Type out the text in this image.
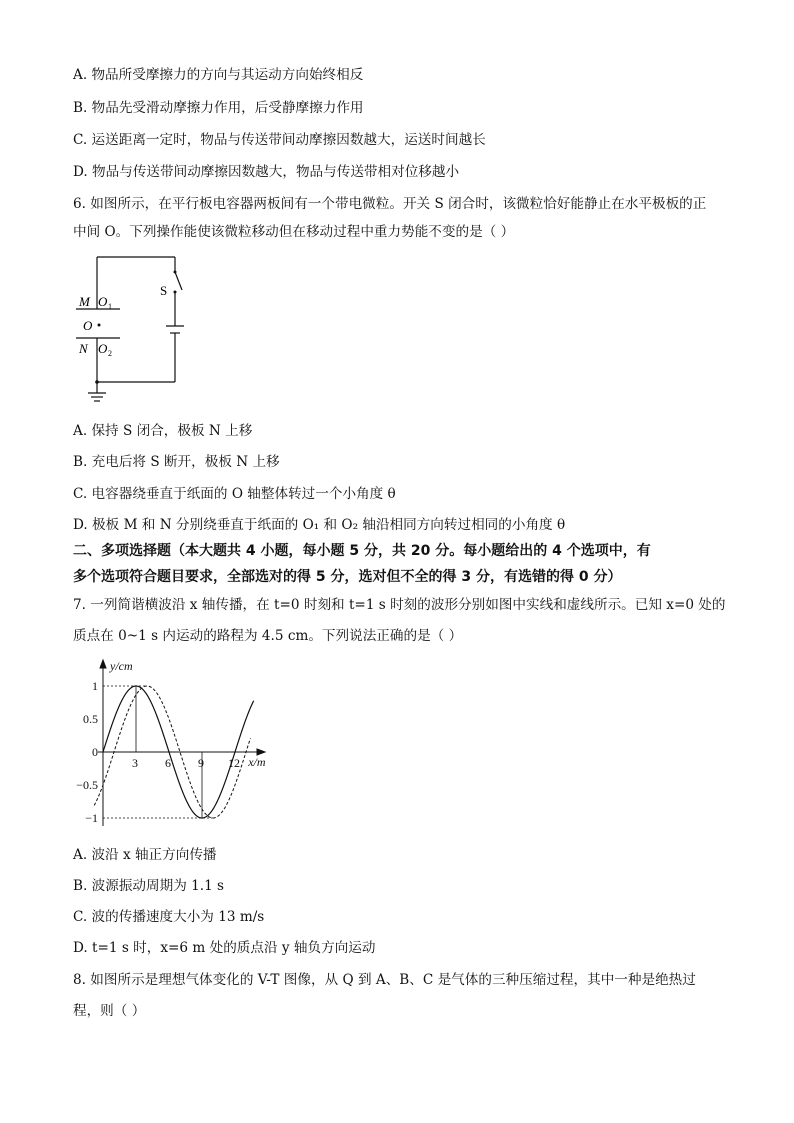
A. 物品所受摩擦力的方向与其运动方向始终相反
B. 物品先受滑动摩擦力作用，后受静摩擦力作用
C. 运送距离一定时，物品与传送带间动摩擦因数越大，运送时间越长
D. 物品与传送带间动摩擦因数越大，物品与传送带相对位移越小
6. 如图所示，在平行板电容器两板间有一个带电微粒。开关 S 闭合时，该微粒恰好能静止在水平极板的正
中间 O。下列操作能使该微粒移动但在移动过程中重力势能不变的是（ ）
M O 1
O
N O 2
S
A. 保持 S 闭合，极板 N 上移
B. 充电后将 S 断开，极板 N 上移
C. 电容器绕垂直于纸面的 O 轴整体转过一个小角度 θ
D. 极板 M 和 N 分别绕垂直于纸面的 O₁ 和 O₂ 轴沿相同方向转过相同的小角度 θ
二、多项选择题（本大题共 4 小题，每小题 5 分，共 20 分。每小题给出的 4 个选项中，有
多个选项符合题目要求，全部选对的得 5 分，选对但不全的得 3 分，有选错的得 0 分）
7. 一列简谐横波沿 x 轴传播，在 t=0 时刻和 t=1 s 时刻的波形分别如图中实线和虚线所示。已知 x=0 处的
质点在 0~1 s 内运动的路程为 4.5 cm。下列说法正确的是（ ）
1
0.5
0
−0.5
−1
3 6 9 12
y/cm
x/m
A. 波沿 x 轴正方向传播
B. 波源振动周期为 1.1 s
C. 波的传播速度大小为 13 m/s
D. t=1 s 时，x=6 m 处的质点沿 y 轴负方向运动
8. 如图所示是理想气体变化的 V-T 图像，从 Q 到 A、B、C 是气体的三种压缩过程，其中一种是绝热过
程，则（ ）
